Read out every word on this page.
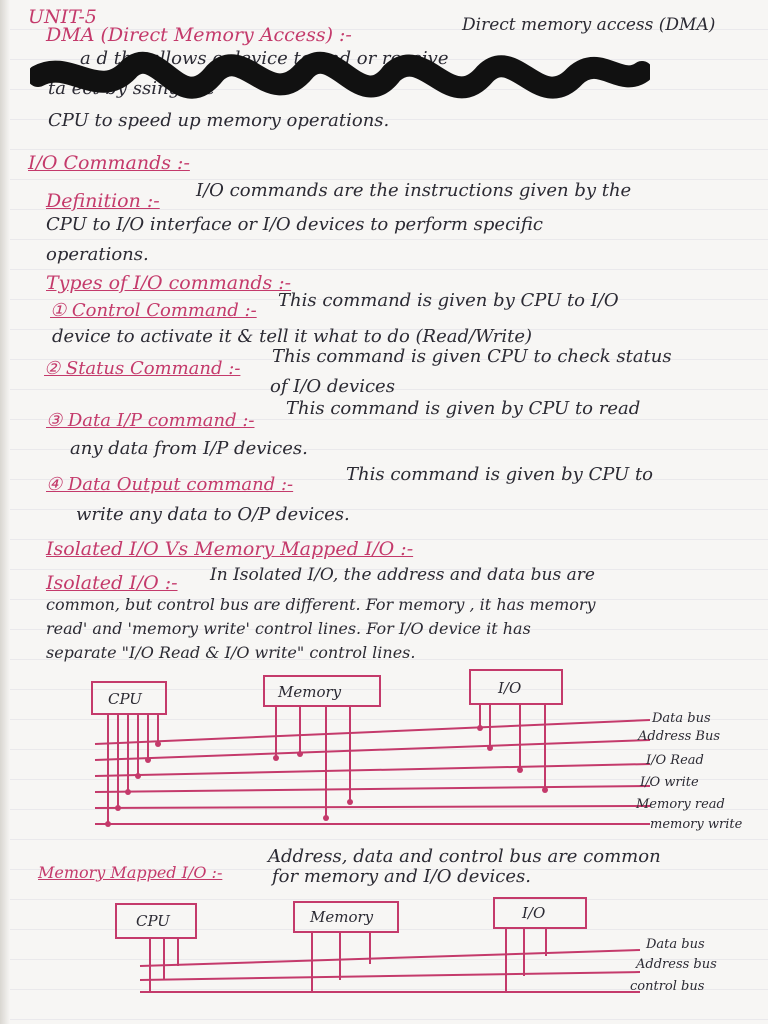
UNIT-5
DMA (Direct Memory Access) :-	Direct memory access (DMA)
a d the allows o device to end or receive
ta ect by ssing the
CPU to speed up memory operations.
I/O Commands :-
Definition :- I/O commands are the instructions given by the
CPU to I/O interface or I/O devices to perform specific
operations.
Types of I/O commands :-
① Control Command :- This command is given by CPU to I/O
device to activate it & tell it what to do (Read/Write)
② Status Command :-
This command is given CPU to check status
of I/O devices
③ Data I/P command :-
This command is given by CPU to read
any data from I/P devices.
④ Data Output command :-	This command is given by CPU to
write any data to O/P devices.
Isolated I/O Vs Memory Mapped I/O :-
Isolated I/O :- In Isolated I/O, the address and data bus are
common, but control bus are different. For memory , it has memory
read' and 'memory write' control lines. For I/O device it has
separate "I/O Read & I/O write" control lines.
CPU	Memory	I/O
Data bus
Address Bus
I/O Read
I/O write
Memory read
memory write
Memory Mapped I/O :-
Address, data and control bus are common
for memory and I/O devices.
CPU	Memory	I/O
Data bus
Address bus
control bus
